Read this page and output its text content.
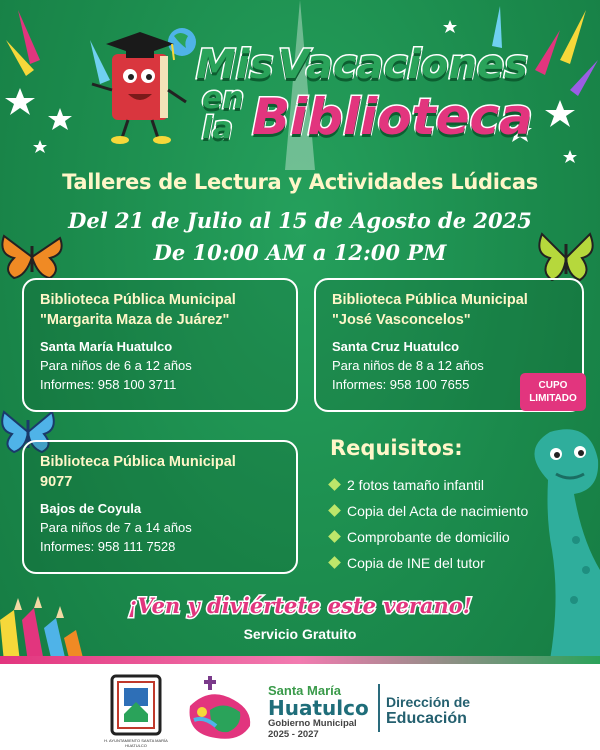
Mis Vacaciones
en
la Biblioteca
Talleres de Lectura y Actividades Lúdicas
Del 21 de Julio al 15 de Agosto de 2025
De 10:00 AM a 12:00 PM
Biblioteca Pública Municipal
"Margarita Maza de Juárez"
Santa María Huatulco
Para niños de 6 a 12 años
Informes: 958 100 3711
Biblioteca Pública Municipal
"José Vasconcelos"
Santa Cruz Huatulco
Para niños de 8 a 12 años
Informes: 958 100 7655	CUPO
LIMITADO
Biblioteca Pública Municipal
9077
Bajos de Coyula
Para niños de 7 a 14 años
Informes: 958 111 7528
Requisitos:
2 fotos tamaño infantil
Copia del Acta de nacimiento
Comprobante de domicilio
Copia de INE del tutor
¡Ven y diviértete este verano!
Servicio Gratuito
H. AYUNTAMIENTO SANTA MARÍA HUATULCO
Santa María
Huatulco
Gobierno Municipal
2025 - 2027
Dirección de
Educación
